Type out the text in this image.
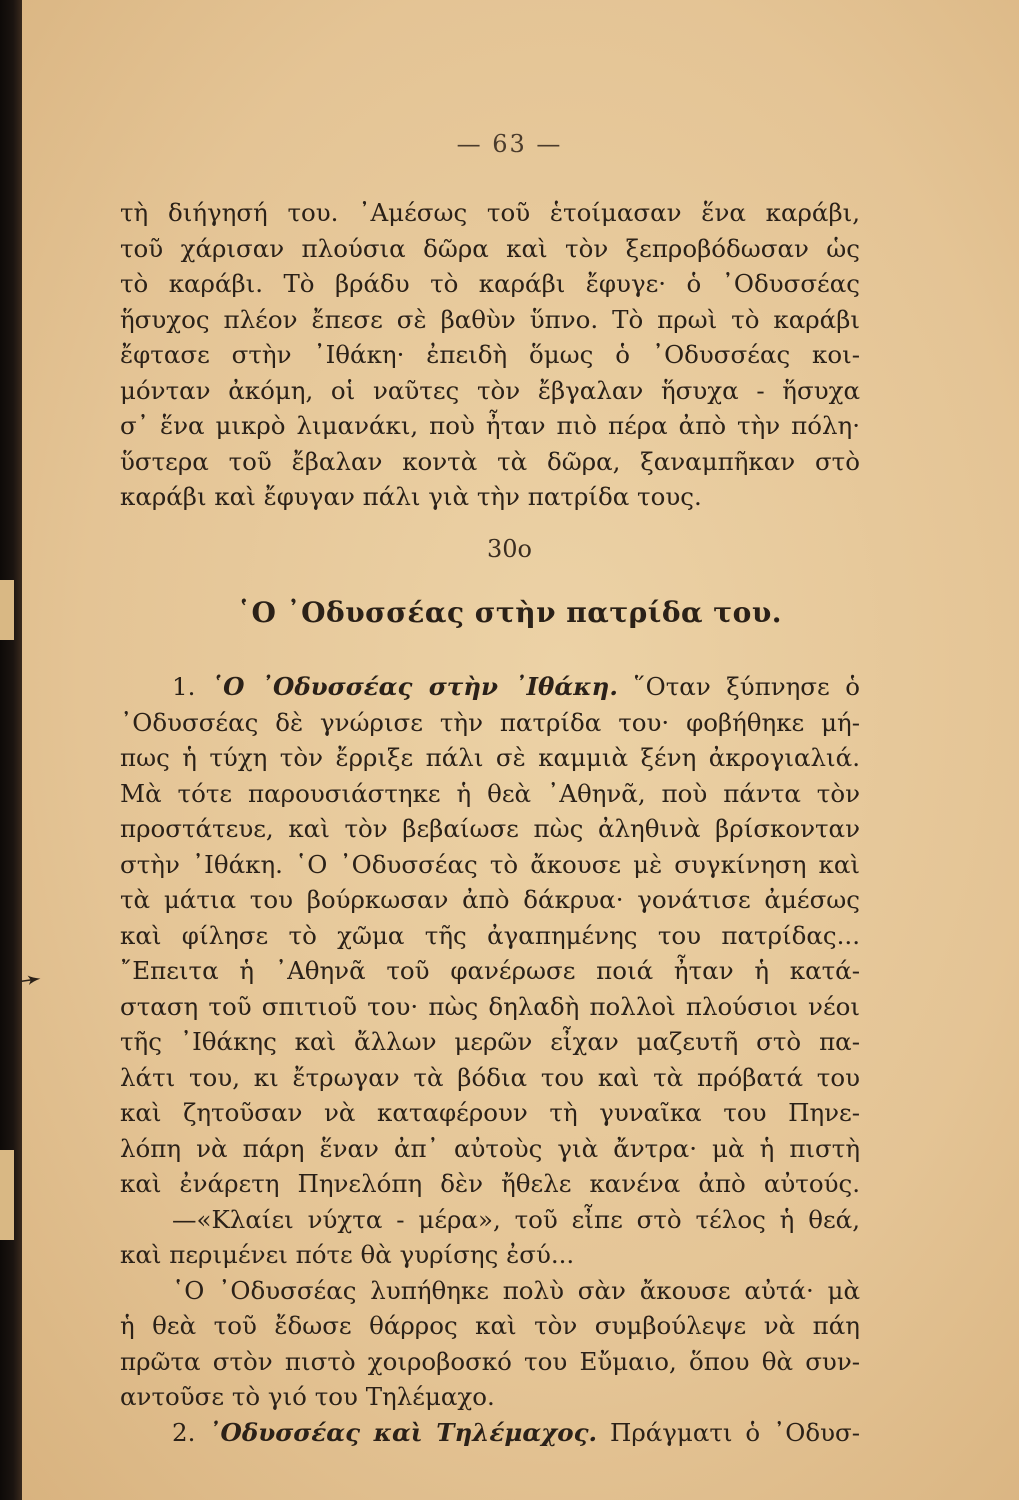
➛
— 63 —
τὴ διήγησή του. ᾿Αμέσως τοῦ ἑτοίμασαν ἕνα καράβι,
τοῦ χάρισαν πλούσια δῶρα καὶ τὸν ξεπροβόδωσαν ὡς
τὸ καράβι. Τὸ βράδυ τὸ καράβι ἔφυγε· ὁ ᾿Οδυσσέας
ἥσυχος πλέον ἔπεσε σὲ βαθὺν ὕπνο. Τὸ πρωὶ τὸ καράβι
ἔφτασε στὴν ᾿Ιθάκη· ἐπειδὴ ὅμως ὁ ᾿Οδυσσέας κοι-
μόνταν ἀκόμη, οἱ ναῦτες τὸν ἔβγαλαν ἥσυχα - ἥσυχα
σ᾿ ἕνα μικρὸ λιμανάκι, ποὺ ἦταν πιὸ πέρα ἀπὸ τὴν πόλη·
ὕστερα τοῦ ἔβαλαν κοντὰ τὰ δῶρα, ξαναμπῆκαν στὸ
καράβι καὶ ἔφυγαν πάλι γιὰ τὴν πατρίδα τους.
30ο
῾Ο ᾿Οδυσσέας στὴν πατρίδα του.
1. ῾Ο ᾿Οδυσσέας στὴν ᾿Ιθάκη. ῞Οταν ξύπνησε ὁ
᾿Οδυσσέας δὲ γνώρισε τὴν πατρίδα του· φοβήθηκε μή-
πως ἡ τύχη τὸν ἔρριξε πάλι σὲ καμμιὰ ξένη ἀκρογιαλιά.
Μὰ τότε παρουσιάστηκε ἡ θεὰ ᾿Αθηνᾶ, ποὺ πάντα τὸν
προστάτευε, καὶ τὸν βεβαίωσε πὼς ἀληθινὰ βρίσκονταν
στὴν ᾿Ιθάκη. ῾Ο ᾿Οδυσσέας τὸ ἄκουσε μὲ συγκίνηση καὶ
τὰ μάτια του βούρκωσαν ἀπὸ δάκρυα· γονάτισε ἀμέσως
καὶ φίλησε τὸ χῶμα τῆς ἀγαπημένης του πατρίδας...
῎Επειτα ἡ ᾿Αθηνᾶ τοῦ φανέρωσε ποιά ἦταν ἡ κατά-
σταση τοῦ σπιτιοῦ του· πὼς δηλαδὴ πολλοὶ πλούσιοι νέοι
τῆς ᾿Ιθάκης καὶ ἄλλων μερῶν εἶχαν μαζευτῆ στὸ πα-
λάτι του, κι ἔτρωγαν τὰ βόδια του καὶ τὰ πρόβατά του
καὶ ζητοῦσαν νὰ καταφέρουν τὴ γυναῖκα του Πηνε-
λόπη νὰ πάρη ἕναν ἀπ᾿ αὐτοὺς γιὰ ἄντρα· μὰ ἡ πιστὴ
καὶ ἐνάρετη Πηνελόπη δὲν ἤθελε κανένα ἀπὸ αὐτούς.
—«Κλαίει νύχτα - μέρα», τοῦ εἶπε στὸ τέλος ἡ θεά,
καὶ περιμένει πότε θὰ γυρίσης ἐσύ...
῾Ο ᾿Οδυσσέας λυπήθηκε πολὺ σὰν ἄκουσε αὐτά· μὰ
ἡ θεὰ τοῦ ἔδωσε θάρρος καὶ τὸν συμβούλεψε νὰ πάη
πρῶτα στὸν πιστὸ χοιροβοσκό του Εὔμαιο, ὅπου θὰ συν-
αντοῦσε τὸ γιό του Τηλέμαχο.
2. ᾿Οδυσσέας καὶ Τηλέμαχος. Πράγματι ὁ ᾿Οδυσ-
